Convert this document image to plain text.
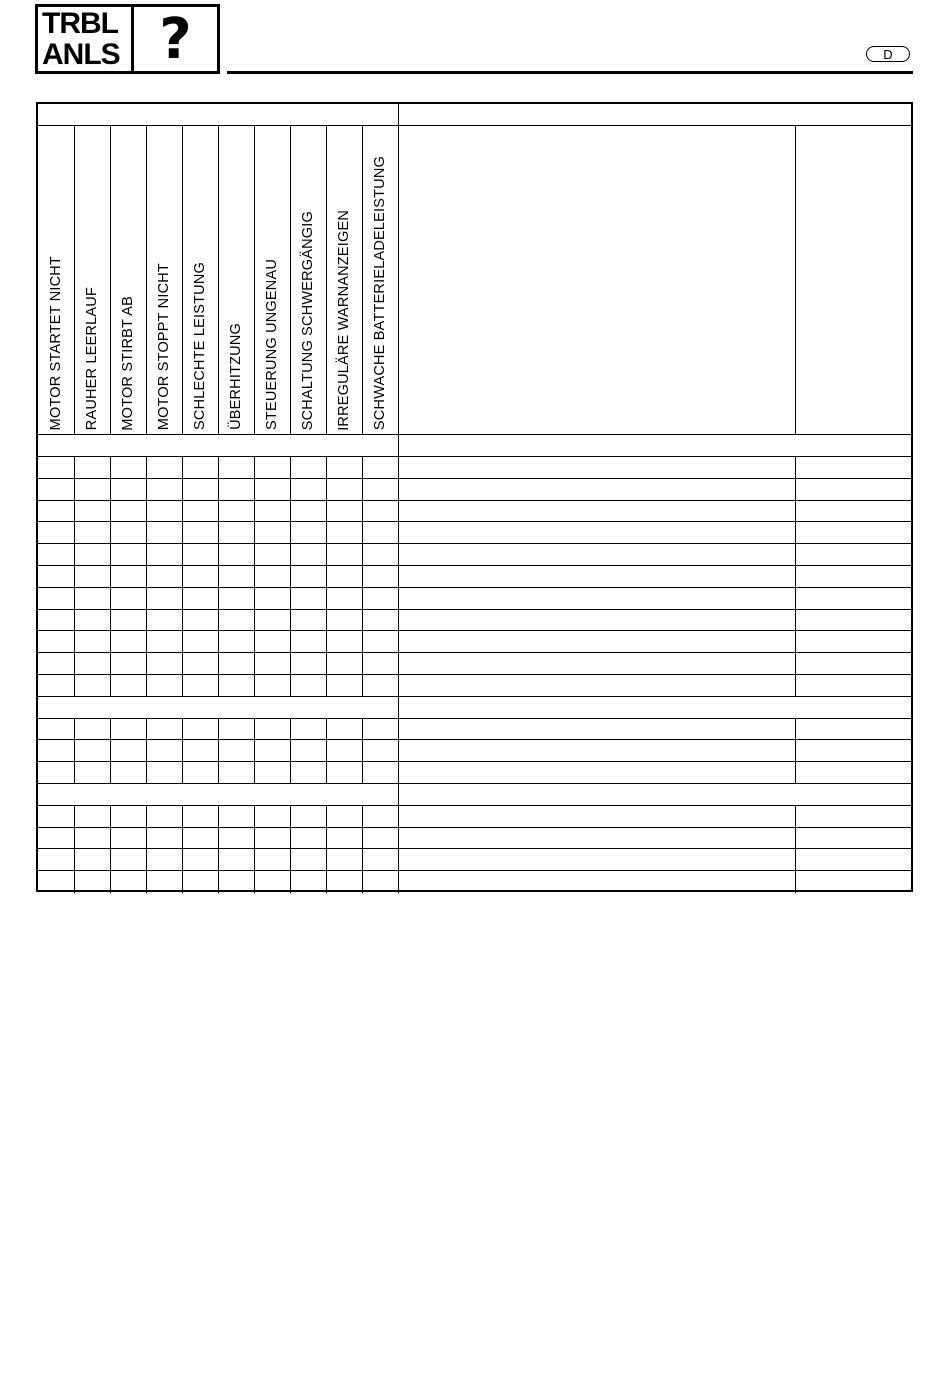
TRBL
ANLS ?	D

MOTOR STARTET NICHT	RAUHER LEERLAUF	MOTOR STIRBT AB	MOTOR STOPPT NICHT	SCHLECHTE LEISTUNG	ÜBERHITZUNG	STEUERUNG UNGENAU	SCHALTUNG SCHWERGÄNGIG	IRREGULÄRE WARNANZEIGEN	SCHWACHE BATTERIELADELEISTUNG		
